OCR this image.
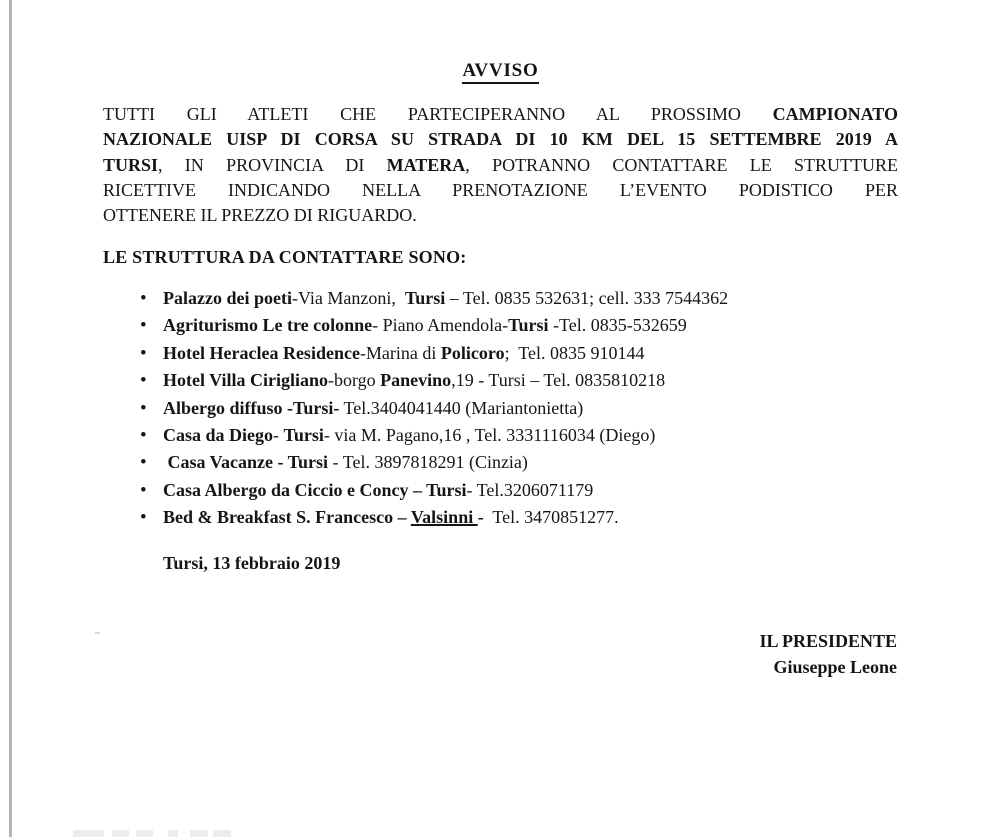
AVVISO
TUTTI GLI ATLETI CHE PARTECIPERANNO AL PROSSIMO CAMPIONATO
NAZIONALE UISP DI CORSA SU STRADA DI 10 KM DEL 15 SETTEMBRE 2019 A
TURSI, IN PROVINCIA DI MATERA, POTRANNO CONTATTARE LE STRUTTURE
RICETTIVE INDICANDO NELLA PRENOTAZIONE L’EVENTO PODISTICO PER
OTTENERE IL PREZZO DI RIGUARDO.
LE STRUTTURA DA CONTATTARE SONO:
•
Palazzo dei poeti-Via Manzoni,  Tursi – Tel. 0835 532631; cell. 333 7544362
•
Agriturismo Le tre colonne- Piano Amendola-Tursi -Tel. 0835-532659
•
Hotel Heraclea Residence-Marina di Policoro;  Tel. 0835 910144
•
Hotel Villa Cirigliano-borgo Panevino,19 - Tursi – Tel. 0835810218
•
Albergo diffuso -Tursi- Tel.3404041440 (Mariantonietta)
•
Casa da Diego- Tursi- via M. Pagano,16 , Tel. 3331116034 (Diego)
•
Casa Vacanze - Tursi - Tel. 3897818291 (Cinzia)
•
Casa Albergo da Ciccio e Concy – Tursi- Tel.3206071179
•
Bed & Breakfast S. Francesco – Valsinni -  Tel. 3470851277.
Tursi, 13 febbraio 2019
IL PRESIDENTE
Giuseppe Leone
